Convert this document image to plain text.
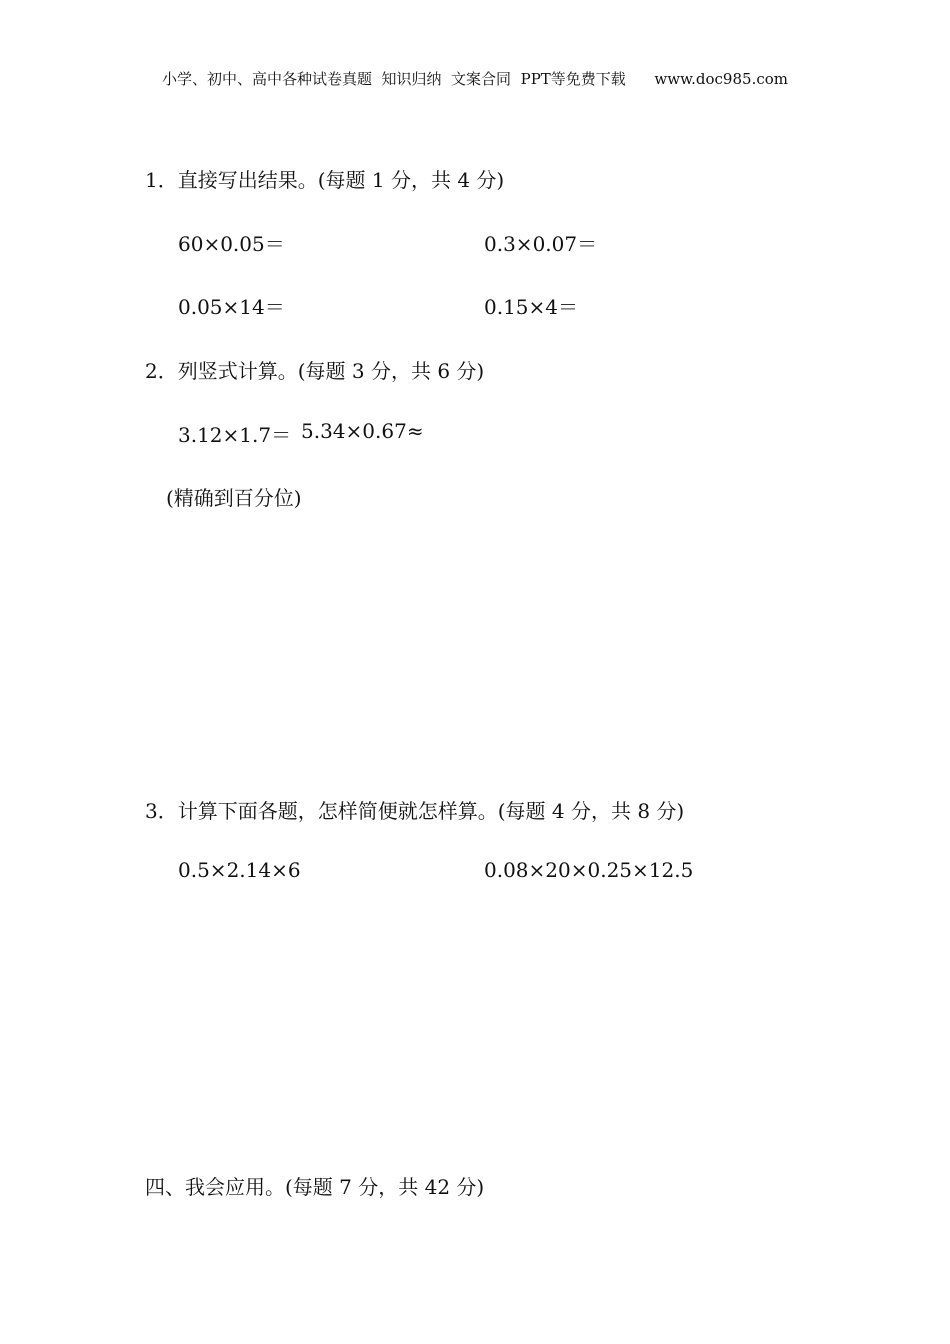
小学、初中、高中各种试卷真题  知识归纳  文案合同  PPT等免费下载      www.doc985.com
1．直接写出结果。(每题 1 分，共 4 分)
60×0.05＝	0.3×0.07＝
0.05×14＝	0.15×4＝
2．列竖式计算。(每题 3 分，共 6 分)
3.12×1.7＝ 5.34×0.67≈
(精确到百分位)
3．计算下面各题，怎样简便就怎样算。(每题 4 分，共 8 分)
0.5×2.14×6	0.08×20×0.25×12.5
四、我会应用。(每题 7 分，共 42 分)
